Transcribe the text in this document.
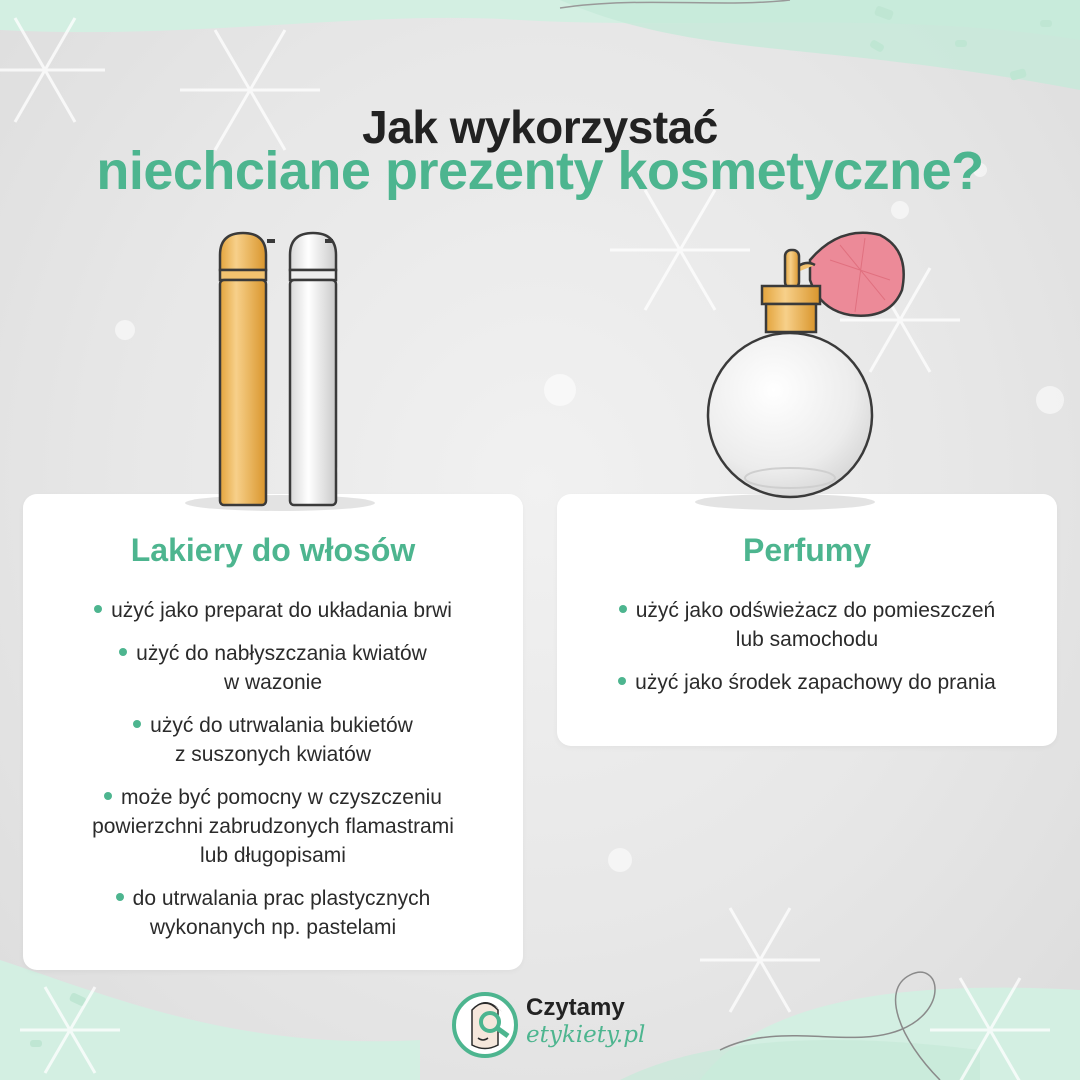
Jak wykorzystać
niechciane prezenty kosmetyczne?
Lakiery do włosów
użyć jako preparat do układania brwi
użyć do nabłyszczania kwiatów
w wazonie
użyć do utrwalania bukietów
z suszonych kwiatów
może być pomocny w czyszczeniu
powierzchni zabrudzonych flamastrami
lub długopisami
do utrwalania prac plastycznych
wykonanych np. pastelami
Perfumy
użyć jako odświeżacz do pomieszczeń
lub samochodu
użyć jako środek zapachowy do prania
Czytamy
etykiety.pl
